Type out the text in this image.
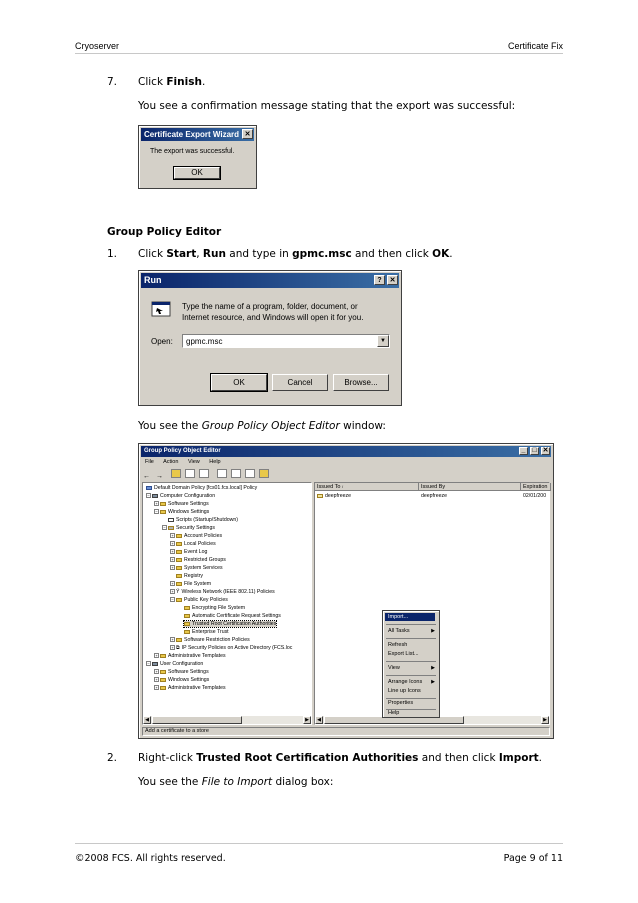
Cryoserver	Certificate Fix
7. Click Finish.
You see a confirmation message stating that the export was successful:
Certificate Export Wizard ✕
The export was successful.
OK
Group Policy Editor
1. Click Start, Run and type in gpmc.msc and then click OK.
Run	?	✕
Type the name of a program, folder, document, or
Internet resource, and Windows will open it for you.
Open: gpmc.msc	▼
OK	Cancel	Browse...
You see the Group Policy Object Editor window:
Group Policy Object Editor	_ □ ✕
File Action View Help
← →
Default Domain Policy [fcs01.fcs.local] Policy
− Computer Configuration
+ Software Settings
− Windows Settings
Scripts (Startup/Shutdown)
− Security Settings
+ Account Policies
+ Local Policies
+ Event Log
+ Restricted Groups
+ System Services
Registry
+ File System
+ Ÿ Wireless Network (IEEE 802.11) Policies
− Public Key Policies
Encrypting File System
Automatic Certificate Request Settings
Trusted Root Certification Authorities
Enterprise Trust
+ Software Restriction Policies
+ ⧉ IP Security Policies on Active Directory (FCS.loc
+ Administrative Templates
− User Configuration
+ Software Settings
+ Windows Settings
+ Administrative Templates
◀	▶
Issued To /	Issued By	Expiration
deepfreeze	deepfreeze	02/01/200
◀	▶
Import...
All Tasks	▶
Refresh
Export List...
View	▶
Arrange Icons ▶
Line up Icons
Properties
Help
Add a certificate to a store
2. Right-click Trusted Root Certification Authorities and then click Import.
You see the File to Import dialog box:
©2008 FCS. All rights reserved.	Page 9 of 11
